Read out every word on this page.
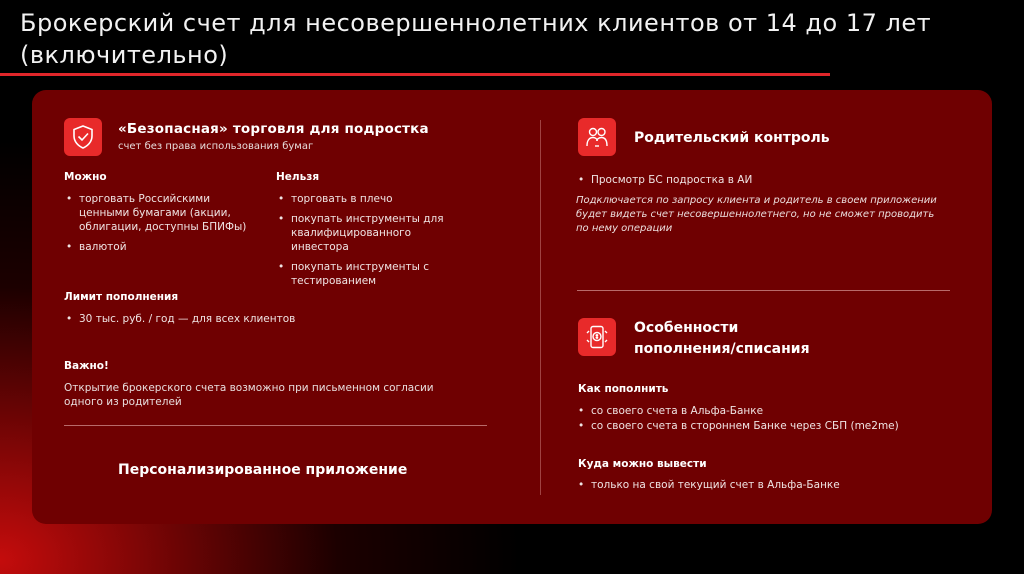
Брокерский счет для несовершеннолетних клиентов от 14 до 17 лет (включительно)
«Безопасная» торговля для подростка
счет без права использования бумаг
Можно
• торговать Российскими ценными бумагами (акции, облигации, доступны БПИФы)
• валютой
Нельзя
• торговать в плечо
• покупать инструменты для квалифицированного инвестора
• покупать инструменты с тестированием
Лимит пополнения
• 30 тыс. руб. / год — для всех клиентов
Важно!
Открытие брокерского счета возможно при письменном согласии одного из родителей
Персонализированное приложение
Родительский контроль
• Просмотр БС подростка в АИ
Подключается по запросу клиента и родитель в своем приложении будет видеть счет несовершеннолетнего, но не сможет проводить по нему операции
Особенности
пополнения/списания
Как пополнить
• со своего счета в Альфа-Банке
• со своего счета в стороннем Банке через СБП (me2me)
Куда можно вывести
• только на свой текущий счет в Альфа-Банке
